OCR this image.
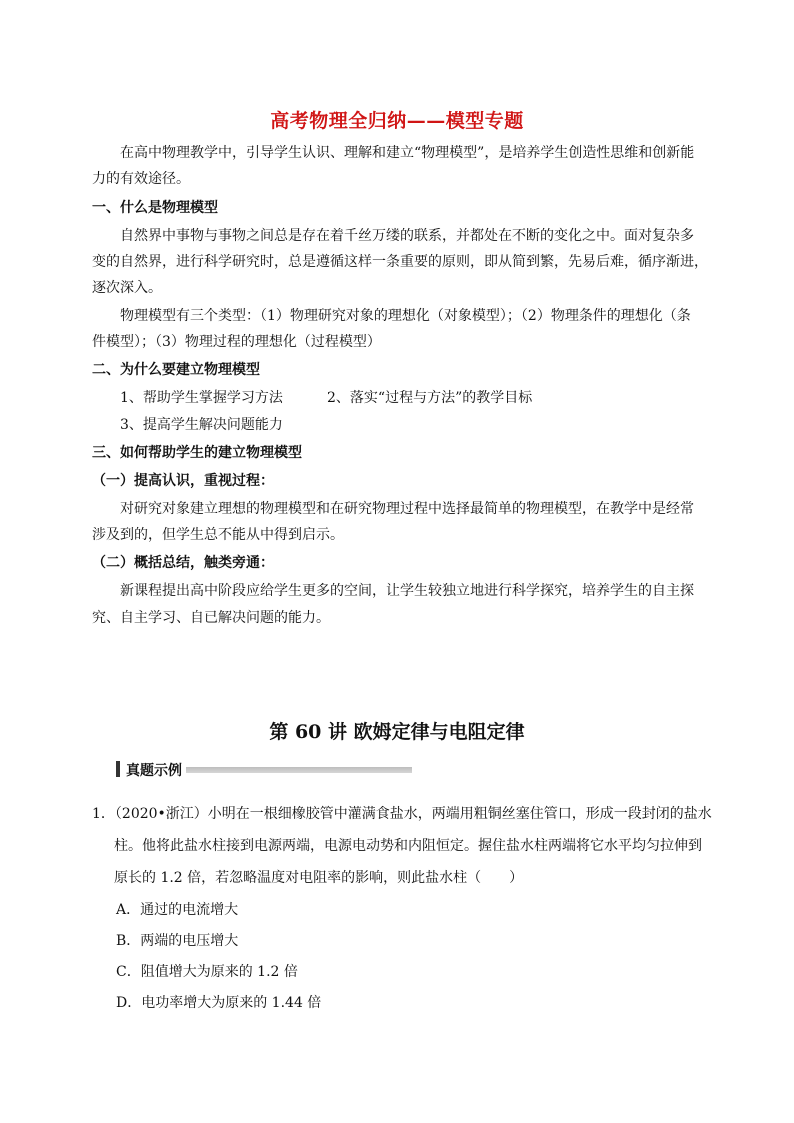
高考物理全归纳——模型专题
在高中物理教学中，引导学生认识、理解和建立“物理模型”，是培养学生创造性思维和创新能
力的有效途径。
一、什么是物理模型
自然界中事物与事物之间总是存在着千丝万缕的联系，并都处在不断的变化之中。面对复杂多
变的自然界，进行科学研究时，总是遵循这样一条重要的原则，即从简到繁，先易后难，循序渐进，
逐次深入。
物理模型有三个类型：（1）物理研究对象的理想化（对象模型）；（2）物理条件的理想化（条
件模型）；（3）物理过程的理想化（过程模型）
二、为什么要建立物理模型
1、帮助学生掌握学习方法	2、落实“过程与方法”的教学目标
3、提高学生解决问题能力
三、如何帮助学生的建立物理模型
（一）提高认识，重视过程：
对研究对象建立理想的物理模型和在研究物理过程中选择最简单的物理模型，在教学中是经常
涉及到的，但学生总不能从中得到启示。
（二）概括总结，触类旁通：
新课程提出高中阶段应给学生更多的空间，让学生较独立地进行科学探究，培养学生的自主探
究、自主学习、自已解决问题的能力。
第 60 讲 欧姆定律与电阻定律
真题示例
1．（2020•浙江）小明在一根细橡胶管中灌满食盐水，两端用粗铜丝塞住管口，形成一段封闭的盐水
柱。他将此盐水柱接到电源两端，电源电动势和内阻恒定。握住盐水柱两端将它水平均匀拉伸到
原长的 1.2 倍，若忽略温度对电阻率的影响，则此盐水柱（　　）
A．通过的电流增大
B．两端的电压增大
C．阻值增大为原来的 1.2 倍
D．电功率增大为原来的 1.44 倍
